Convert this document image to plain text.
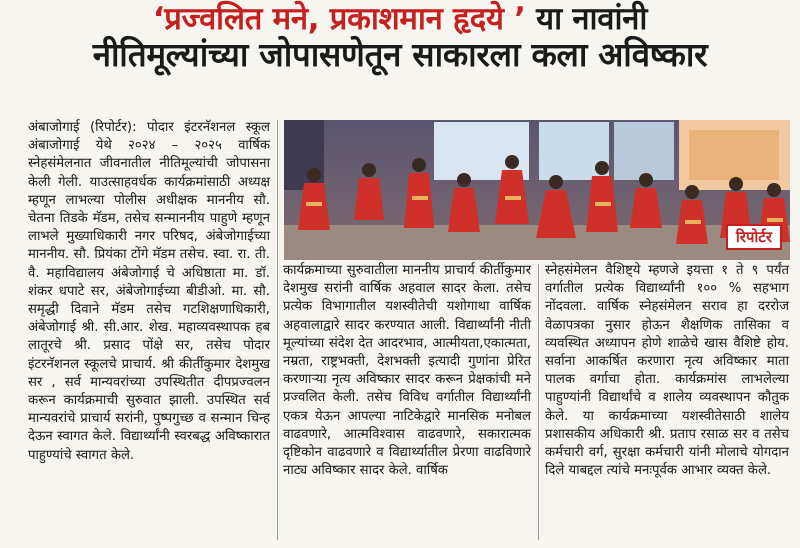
‘प्रज्वलित मने, प्रकाशमान हृदये ’ या नावांनी
नीतिमूल्यांच्या जोपासणेतून साकारला कला अविष्कार

अंबाजोगाई (रिपोर्टर): पोदार इंटरनॅशनल स्कूल अंबाजोगाई येथे २०२४ – २०२५ वार्षिक स्नेहसंमेलनात जीवनातील नीतिमूल्यांची जोपासना केली गेली. याउत्साहवर्धक कार्यक्रमांसाठी अध्यक्ष म्हणून लाभल्या पोलीस अधीक्षक माननीय सौ. चेतना तिडके मॅडम, तसेच सन्माननीय पाहुणे म्हणून लाभले मुख्याधिकारी नगर परिषद, अंबेजोगाईच्या माननीय. सौ. प्रियंका टोंगे मॅडम तसेच. स्वा. रा. ती. वै. महाविद्यालय अंबेजोगाई चे अधिष्ठाता मा. डॉ. शंकर धपाटे सर, अंबेजोगाईच्या बीडीओ. मा. सौ. समृद्धी दिवाने मॅडम तसेच गटशिक्षणाधिकारी, अंबेजोगाई श्री. सी.आर. शेख. महाव्यवस्थापक हब लातूरचे श्री. प्रसाद पोंक्षे सर, तसेच पोदार इंटरनॅशनल स्कूलचे प्राचार्य. श्री कीर्तीकुमार देशमुख सर , सर्व मान्यवरांच्या उपस्थितीत दीपप्रज्वलन करून कार्यक्रमाची सुरुवात झाली. उपस्थित सर्व मान्यवरांचे प्राचार्य सरांनी, पुष्पगुच्छ व सन्मान चिन्ह देऊन स्वागत केले. विद्यार्थ्यांनी स्वरबद्ध अविष्कारात पाहुण्यांचे स्वागत केले.

रिपोर्टर

कार्यक्रमाच्या सुरुवातीला माननीय प्राचार्य कीर्तीकुमार देशमुख सरांनी वार्षिक अहवाल सादर केला. तसेच प्रत्येक विभागातील यशस्वीतेची यशोगाथा वार्षिक अहवालाद्वारे सादर करण्यात आली. विद्यार्थ्यांनी नीती मूल्यांच्या संदेश देत आदरभाव, आत्मीयता,एकात्मता, नम्रता, राष्ट्रभक्ती, देशभक्ती इत्यादी गुणांना प्रेरित करणाऱ्या नृत्य अविष्कार सादर करून प्रेक्षकांची मने प्रज्वलित केली. तसेच विविध वर्गातील विद्यार्थ्यांनी एकत्र येऊन आपल्या नाटिकेद्वारे मानसिक मनोबल वाढवणारे, आत्मविश्वास वाढवणारे, सकारात्मक दृष्टिकोन वाढवणारे व विद्यार्थ्यातील प्रेरणा वाढविणारे नाट्य अविष्कार सादर केले. वार्षिक

स्नेहसंमेलन वैशिष्ट्ये म्हणजे इयत्ता १ ते ९ पर्यंत वर्गातील प्रत्येक विद्यार्थ्यांनी १०० % सहभाग नोंदवला. वार्षिक स्नेहसंमेलन सराव हा दररोज वेळापत्रका नुसार होऊन शैक्षणिक तासिका व व्यवस्थित अध्यापन होणे शाळेचे खास वैशिष्टे होय. सर्वाना आकर्षित करणारा नृत्य अविष्कार माता पालक वर्गाचा होता. कार्यक्रमांस लाभलेल्या पाहुण्यांनी विद्यार्थांचे व शालेय व्यवस्थापन कौतुक केले. या कार्यक्रमाच्या यशस्वीतेसाठी शालेय प्रशासकीय अधिकारी श्री. प्रताप रसाळ सर व तसेच कर्मचारी वर्ग, सुरक्षा कर्मचारी यांनी मोलाचे योगदान दिले याबद्दल त्यांचे मनःपूर्वक आभार व्यक्त केले.
